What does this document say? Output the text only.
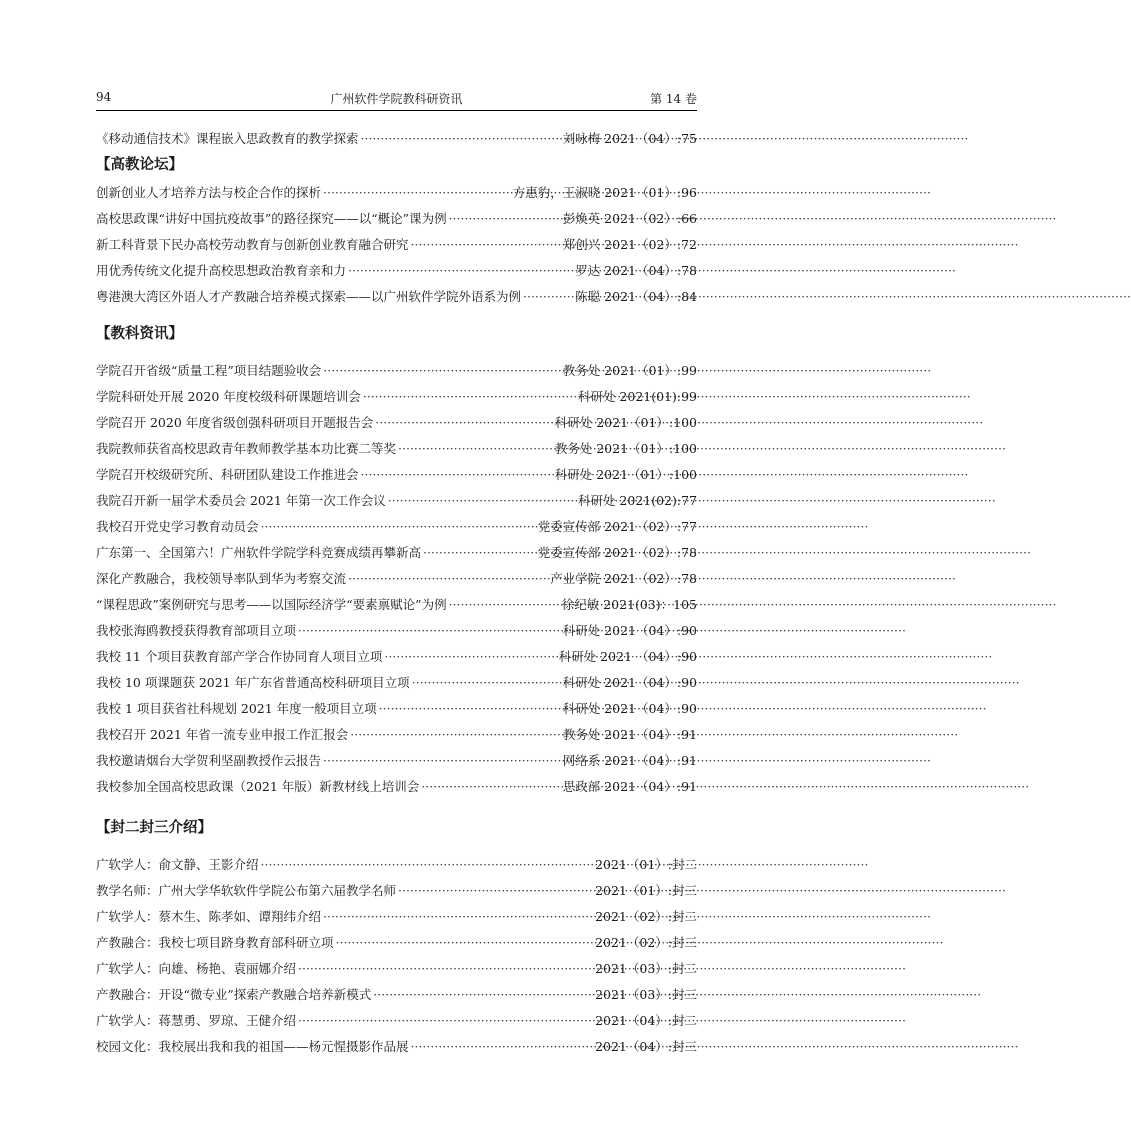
94	广州软件学院教科研资讯	第 14 卷
《移动通信技术》课程嵌入思政教育的教学探索 ·····	刘咏梅 2021（04）:75
【高教论坛】
创新创业人才培养方法与校企合作的探析 ·····	方惠豹，王淑晓 2021（01）:96
高校思政课“讲好中国抗疫故事”的路径探究——以“概论”课为例 ·····	彭焕英 2021（02）:66
新工科背景下民办高校劳动教育与创新创业教育融合研究 ·····	郑创兴 2021（02）:72
用优秀传统文化提升高校思想政治教育亲和力 ·····	罗达 2021（04）:78
粤港澳大湾区外语人才产教融合培养模式探索——以广州软件学院外语系为例 ·····	陈聪 2021（04）:84
【教科资讯】
学院召开省级“质量工程”项目结题验收会 ·····	教务处 2021（01）:99
学院科研处开展 2020 年度校级科研课题培训会 ·····	科研处 2021(01):99
学院召开 2020 年度省级创强科研项目开题报告会 ·····	科研处 2021（01）:100
我院教师获省高校思政青年教师教学基本功比赛二等奖 ·····	教务处 2021（01）:100
学院召开校级研究所、科研团队建设工作推进会 ·····	科研处 2021（01）:100
我院召开新一届学术委员会 2021 年第一次工作会议 ·····	科研处 2021(02):77
我校召开党史学习教育动员会 ·····	党委宣传部 2021（02）:77
广东第一、全国第六！广州软件学院学科竞赛成绩再攀新高 ·····	党委宣传部 2021（02）:78
深化产教融合，我校领导率队到华为考察交流 ·····	产业学院 2021（02）:78
“课程思政”案例研究与思考——以国际经济学“要素禀赋论”为例 ·····	徐纪敏 2021(03)：105
我校张海鸥教授获得教育部项目立项 ·····	科研处 2021（04）:90
我校 11 个项目获教育部产学合作协同育人项目立项 ·····	科研处 2021 （04）:90
我校 10 项课题获 2021 年广东省普通高校科研项目立项 ·····	科研处 2021（04）:90
我校 1 项目获省社科规划 2021 年度一般项目立项 ·····	科研处 2021（04）:90
我校召开 2021 年省一流专业申报工作汇报会 ·····	教务处 2021（04）:91
我校邀请烟台大学贺利坚副教授作云报告 ·····	网络系 2021（04）:91
我校参加全国高校思政课（2021 年版）新教材线上培训会 ·····	思政部 2021（04）:91
【封二封三介绍】
广软学人：俞文静、王影介绍 ·····	2021（01）:封二
教学名师：广州大学华软软件学院公布第六届教学名师 ·····	2021（01）:封三
广软学人：蔡木生、陈孝如、谭翔纬介绍 ·····	2021（02）:封二
产教融合：我校七项目跻身教育部科研立项 ·····	2021（02）:封三
广软学人：向雄、杨艳、袁丽娜介绍 ·····	2021（03）:封二
产教融合：开设“微专业”探索产教融合培养新模式 ·····	2021（03）:封三
广软学人：蒋慧勇、罗琼、王健介绍 ·····	2021（04）:封二
校园文化：我校展出我和我的祖国——杨元惺摄影作品展 ·····	2021（04）:封三
